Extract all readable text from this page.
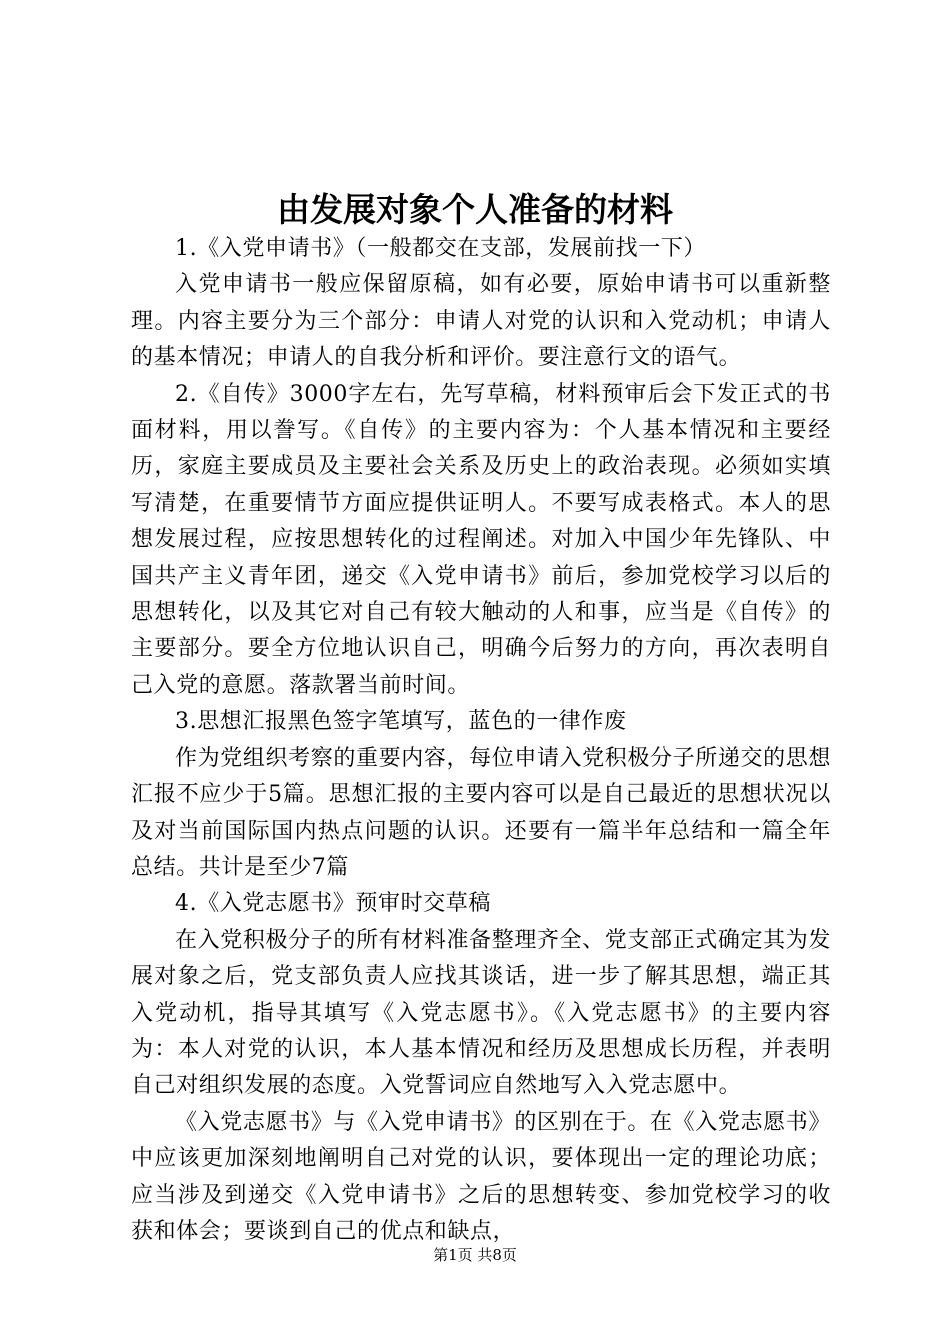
由发展对象个人准备的材料

1.《入党申请书》（一般都交在支部，发展前找一下）

入党申请书一般应保留原稿，如有必要，原始申请书可以重新整理。内容主要分为三个部分：申请人对党的认识和入党动机；申请人的基本情况；申请人的自我分析和评价。要注意行文的语气。

2.《自传》3000字左右，先写草稿，材料预审后会下发正式的书面材料，用以誊写。《自传》的主要内容为：个人基本情况和主要经历，家庭主要成员及主要社会关系及历史上的政治表现。必须如实填写清楚，在重要情节方面应提供证明人。不要写成表格式。本人的思想发展过程，应按思想转化的过程阐述。对加入中国少年先锋队、中国共产主义青年团，递交《入党申请书》前后，参加党校学习以后的思想转化，以及其它对自己有较大触动的人和事，应当是《自传》的主要部分。要全方位地认识自己，明确今后努力的方向，再次表明自己入党的意愿。落款署当前时间。

3.思想汇报黑色签字笔填写，蓝色的一律作废

作为党组织考察的重要内容，每位申请入党积极分子所递交的思想汇报不应少于5篇。思想汇报的主要内容可以是自己最近的思想状况以及对当前国际国内热点问题的认识。还要有一篇半年总结和一篇全年总结。共计是至少7篇

4.《入党志愿书》预审时交草稿

在入党积极分子的所有材料准备整理齐全、党支部正式确定其为发展对象之后，党支部负责人应找其谈话，进一步了解其思想，端正其入党动机，指导其填写《入党志愿书》。《入党志愿书》的主要内容为：本人对党的认识，本人基本情况和经历及思想成长历程，并表明自己对组织发展的态度。入党誓词应自然地写入入党志愿中。

《入党志愿书》与《入党申请书》的区别在于。在《入党志愿书》中应该更加深刻地阐明自己对党的认识，要体现出一定的理论功底；应当涉及到递交《入党申请书》之后的思想转变、参加党校学习的收获和体会；要谈到自己的优点和缺点，

第1页 共8页
